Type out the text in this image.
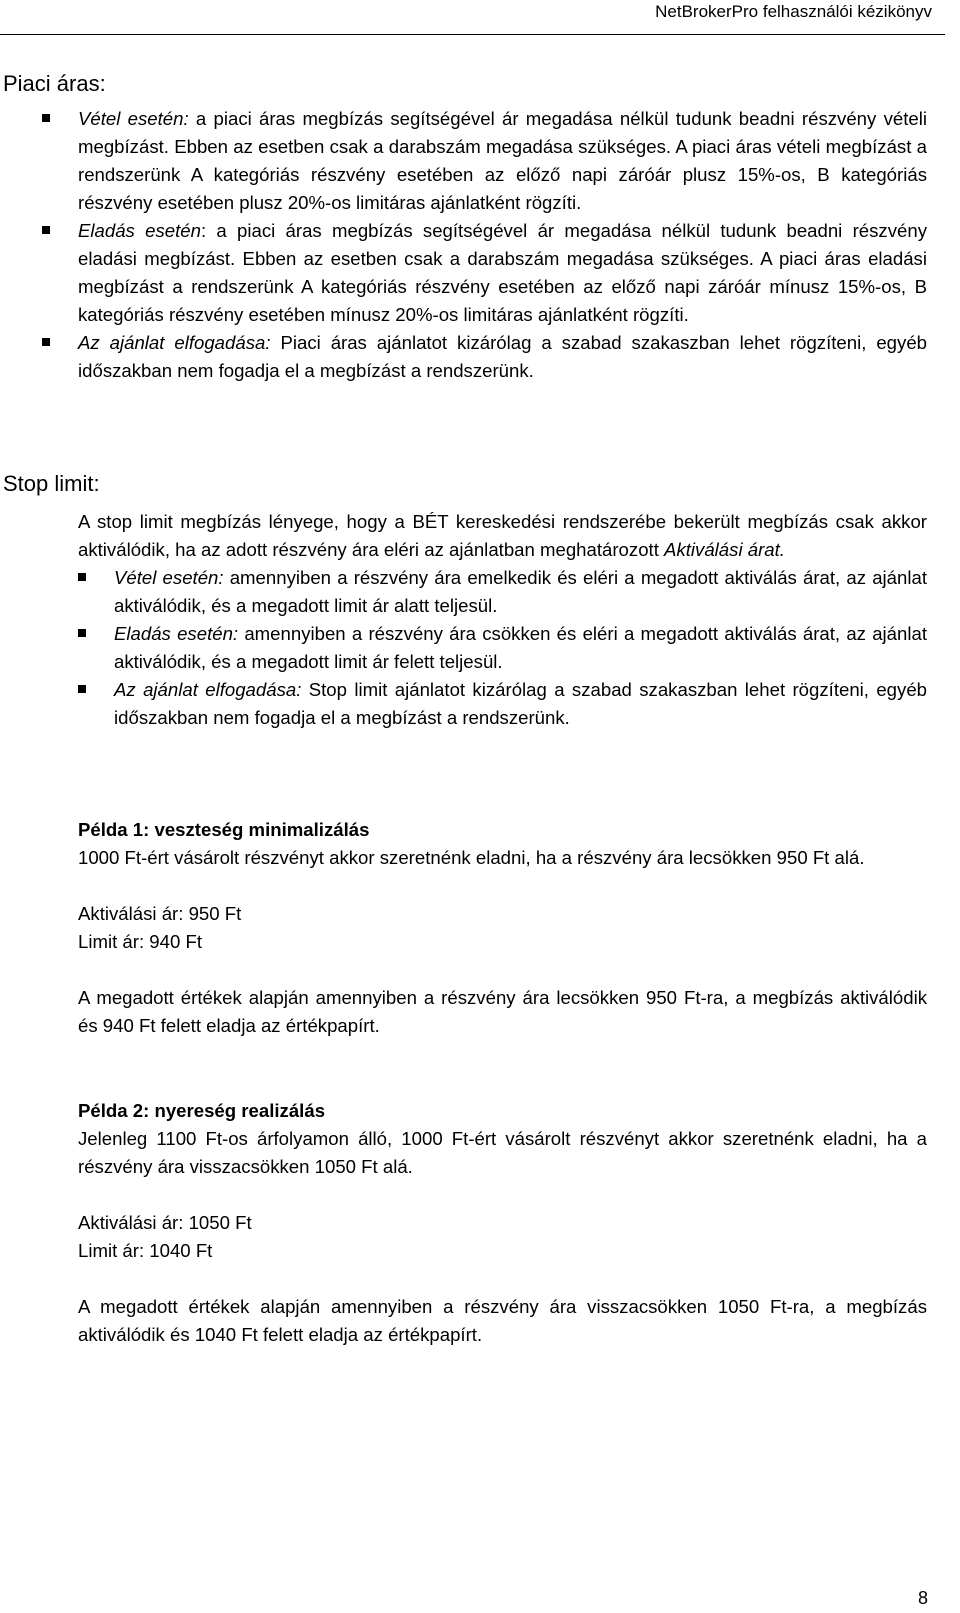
NetBrokerPro felhasználói kézikönyv
Piaci áras:
Vétel esetén: a piaci áras megbízás segítségével ár megadása nélkül tudunk beadni részvény vételi megbízást. Ebben az esetben csak a darabszám megadása szükséges. A piaci áras vételi megbízást a rendszerünk A kategóriás részvény esetében az előző napi záróár plusz 15%-os, B kategóriás részvény esetében plusz 20%-os limitáras ajánlatként rögzíti.
Eladás esetén: a piaci áras megbízás segítségével ár megadása nélkül tudunk beadni részvény eladási megbízást. Ebben az esetben csak a darabszám megadása szükséges. A piaci áras eladási megbízást a rendszerünk A kategóriás részvény esetében az előző napi záróár mínusz 15%-os, B kategóriás részvény esetében mínusz 20%-os limitáras ajánlatként rögzíti.
Az ajánlat elfogadása: Piaci áras ajánlatot kizárólag a szabad szakaszban lehet rögzíteni, egyéb időszakban nem fogadja el a megbízást a rendszerünk.
Stop limit:

A stop limit megbízás lényege, hogy a BÉT kereskedési rendszerébe bekerült megbízás csak akkor aktiválódik, ha az adott részvény ára eléri az ajánlatban meghatározott Aktiválási árat.

Vétel esetén: amennyiben a részvény ára emelkedik és eléri a megadott aktiválás árat, az ajánlat aktiválódik, és a megadott limit ár alatt teljesül.
Eladás esetén: amennyiben a részvény ára csökken és eléri a megadott aktiválás árat, az ajánlat aktiválódik, és a megadott limit ár felett teljesül.
Az ajánlat elfogadása: Stop limit ajánlatot kizárólag a szabad szakaszban lehet rögzíteni, egyéb időszakban nem fogadja el a megbízást a rendszerünk.

Példa 1: veszteség minimalizálás

1000 Ft-ért vásárolt részvényt akkor szeretnénk eladni, ha a részvény ára lecsökken 950 Ft alá.

Aktiválási ár: 950 Ft

Limit ár: 940 Ft

A megadott értékek alapján amennyiben a részvény ára lecsökken 950 Ft-ra, a megbízás aktiválódik és 940 Ft felett eladja az értékpapírt.

Példa 2: nyereség realizálás

Jelenleg 1100 Ft-os árfolyamon álló, 1000 Ft-ért vásárolt részvényt akkor szeretnénk eladni, ha a részvény ára visszacsökken 1050 Ft alá.

Aktiválási ár: 1050 Ft

Limit ár: 1040 Ft

A megadott értékek alapján amennyiben a részvény ára visszacsökken 1050 Ft-ra, a megbízás aktiválódik és 1040 Ft felett eladja az értékpapírt.

8
